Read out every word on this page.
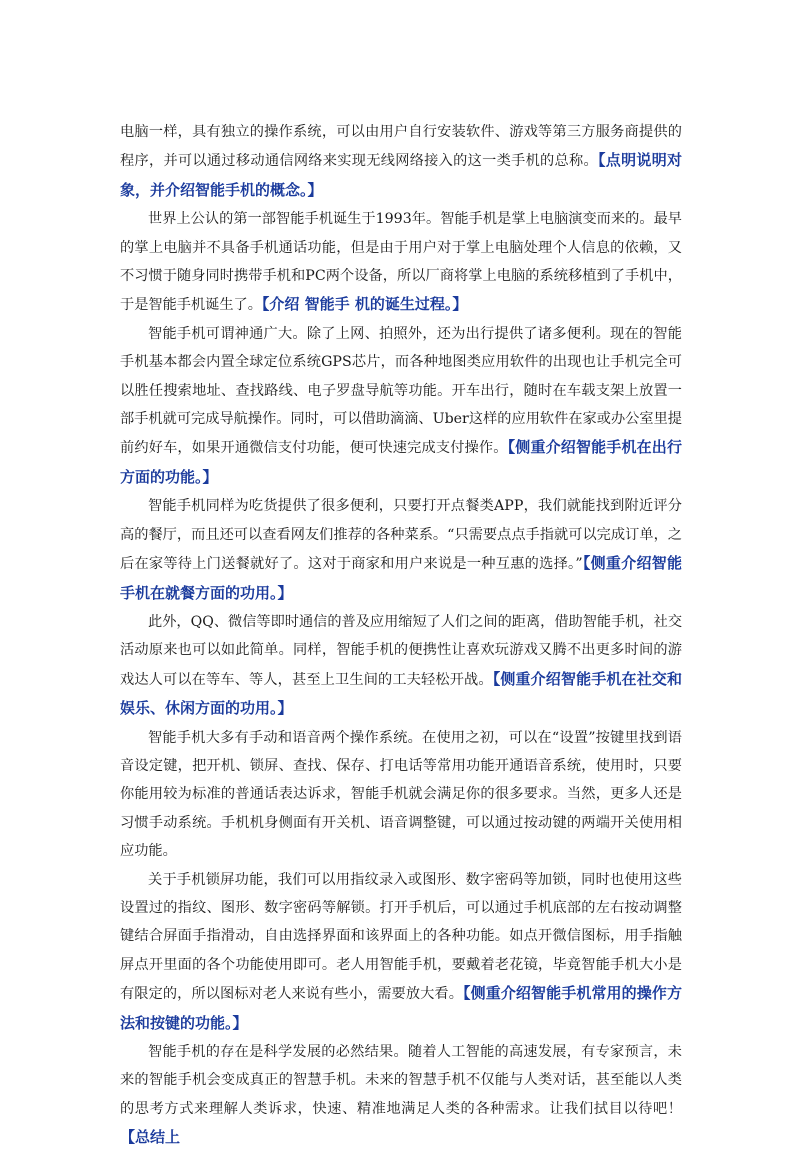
电脑一样，具有独立的操作系统，可以由用户自行安装软件、游戏等第三方服务商提供的程序，并可以通过移动通信网络来实现无线网络接入的这一类手机的总称。【点明说明对象，并介绍智能手机的概念。】

世界上公认的第一部智能手机诞生于1993年。智能手机是掌上电脑演变而来的。最早的掌上电脑并不具备手机通话功能，但是由于用户对于掌上电脑处理个人信息的依赖，又不习惯于随身同时携带手机和PC两个设备，所以厂商将掌上电脑的系统移植到了手机中，于是智能手机诞生了。【介绍 智能手 机的诞生过程。】

智能手机可谓神通广大。除了上网、拍照外，还为出行提供了诸多便利。现在的智能手机基本都会内置全球定位系统GPS芯片，而各种地图类应用软件的出现也让手机完全可以胜任搜索地址、查找路线、电子罗盘导航等功能。开车出行，随时在车载支架上放置一部手机就可完成导航操作。同时，可以借助滴滴、Uber这样的应用软件在家或办公室里提前约好车，如果开通微信支付功能，便可快速完成支付操作。【侧重介绍智能手机在出行方面的功能。】

智能手机同样为吃货提供了很多便利，只要打开点餐类APP，我们就能找到附近评分高的餐厅，而且还可以查看网友们推荐的各种菜系。“只需要点点手指就可以完成订单，之后在家等待上门送餐就好了。这对于商家和用户来说是一种互惠的选择。”【侧重介绍智能手机在就餐方面的功用。】

此外，QQ、微信等即时通信的普及应用缩短了人们之间的距离，借助智能手机，社交活动原来也可以如此简单。同样，智能手机的便携性让喜欢玩游戏又腾不出更多时间的游戏达人可以在等车、等人，甚至上卫生间的工夫轻松开战。【侧重介绍智能手机在社交和娱乐、休闲方面的功用。】

智能手机大多有手动和语音两个操作系统。在使用之初，可以在“设置”按键里找到语音设定键，把开机、锁屏、查找、保存、打电话等常用功能开通语音系统，使用时，只要你能用较为标准的普通话表达诉求，智能手机就会满足你的很多要求。当然，更多人还是习惯手动系统。手机机身侧面有开关机、语音调整键，可以通过按动键的两端开关使用相应功能。

关于手机锁屏功能，我们可以用指纹录入或图形、数字密码等加锁，同时也使用这些设置过的指纹、图形、数字密码等解锁。打开手机后，可以通过手机底部的左右按动调整键结合屏面手指滑动，自由选择界面和该界面上的各种功能。如点开微信图标，用手指触屏点开里面的各个功能使用即可。老人用智能手机，要戴着老花镜，毕竟智能手机大小是有限定的，所以图标对老人来说有些小，需要放大看。【侧重介绍智能手机常用的操作方法和按键的功能。】

智能手机的存在是科学发展的必然结果。随着人工智能的高速发展，有专家预言，未来的智能手机会变成真正的智慧手机。未来的智慧手机不仅能与人类对话，甚至能以人类的思考方式来理解人类诉求，快速、精准地满足人类的各种需求。让我们拭目以待吧！【总结上
